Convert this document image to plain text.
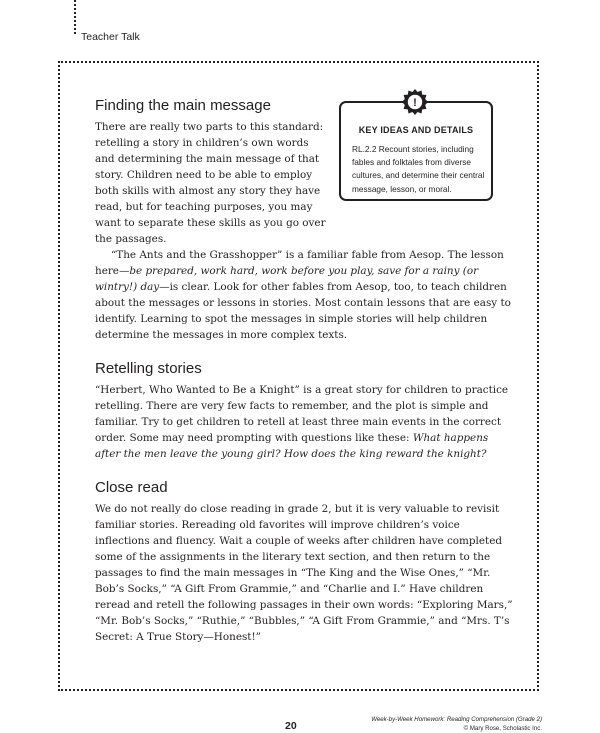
Teacher Talk
!
KEY IDEAS AND DETAILS
RL.2.2 Recount stories, including fables and folktales from diverse cultures, and determine their central message, lesson, or moral.
Finding the main message

There are really two parts to this standard: retelling a story in children’s own words and determining the main message of that story. Children need to be able to employ both skills with almost any story they have read, but for teaching purposes, you may want to separate these skills as you go over the passages.

“The Ants and the Grasshopper” is a familiar fable from Aesop. The lesson here—be prepared, work hard, work before you play, save for a rainy (or wintry!) day—is clear. Look for other fables from Aesop, too, to teach children about the messages or lessons in stories. Most contain lessons that are easy to identify. Learning to spot the messages in simple stories will help children determine the messages in more complex texts.

Retelling stories

“Herbert, Who Wanted to Be a Knight” is a great story for children to practice retelling. There are very few facts to remember, and the plot is simple and familiar. Try to get children to retell at least three main events in the correct order. Some may need prompting with questions like these: What happens after the men leave the young girl? How does the king reward the knight?

Close read

We do not really do close reading in grade 2, but it is very valuable to revisit familiar stories. Rereading old favorites will improve children’s voice inflections and fluency. Wait a couple of weeks after children have completed some of the assignments in the literary text section, and then return to the passages to find the main messages in “The King and the Wise Ones,” “Mr. Bob’s Socks,” “A Gift From Grammie,” and “Charlie and I.” Have children reread and retell the following passages in their own words: “Exploring Mars,” “Mr. Bob’s Socks,” “Ruthie,” “Bubbles,” “A Gift From Grammie,” and “Mrs. T’s Secret: A True Story—Honest!”

20
Week-by-Week Homework: Reading Comprehension (Grade 2)
© Mary Rose, Scholastic Inc.
